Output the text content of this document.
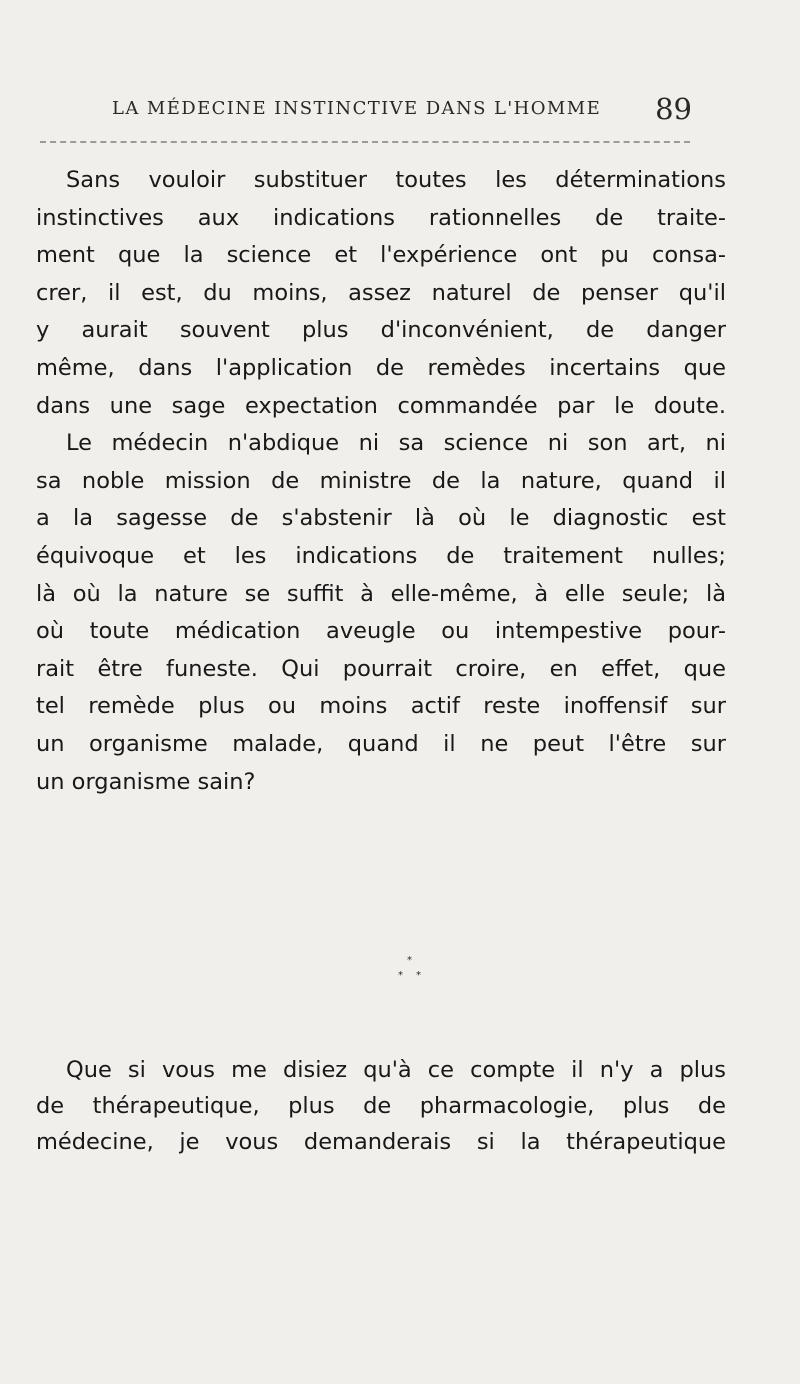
LA MÉDECINE INSTINCTIVE DANS L'HOMME 89
Sans vouloir substituer toutes les déterminations
instinctives aux indications rationnelles de traite-
ment que la science et l'expérience ont pu consa-
crer, il est, du moins, assez naturel de penser qu'il
y aurait souvent plus d'inconvénient, de danger
même, dans l'application de remèdes incertains que
dans une sage expectation commandée par le doute.
Le médecin n'abdique ni sa science ni son art, ni
sa noble mission de ministre de la nature, quand il
a la sagesse de s'abstenir là où le diagnostic est
équivoque et les indications de traitement nulles;
là où la nature se suffit à elle-même, à elle seule; là
où toute médication aveugle ou intempestive pour-
rait être funeste. Qui pourrait croire, en effet, que
tel remède plus ou moins actif reste inoffensif sur
un organisme malade, quand il ne peut l'être sur
un organisme sain?
*
* *
Que si vous me disiez qu'à ce compte il n'y a plus
de thérapeutique, plus de pharmacologie, plus de
médecine, je vous demanderais si la thérapeutique
